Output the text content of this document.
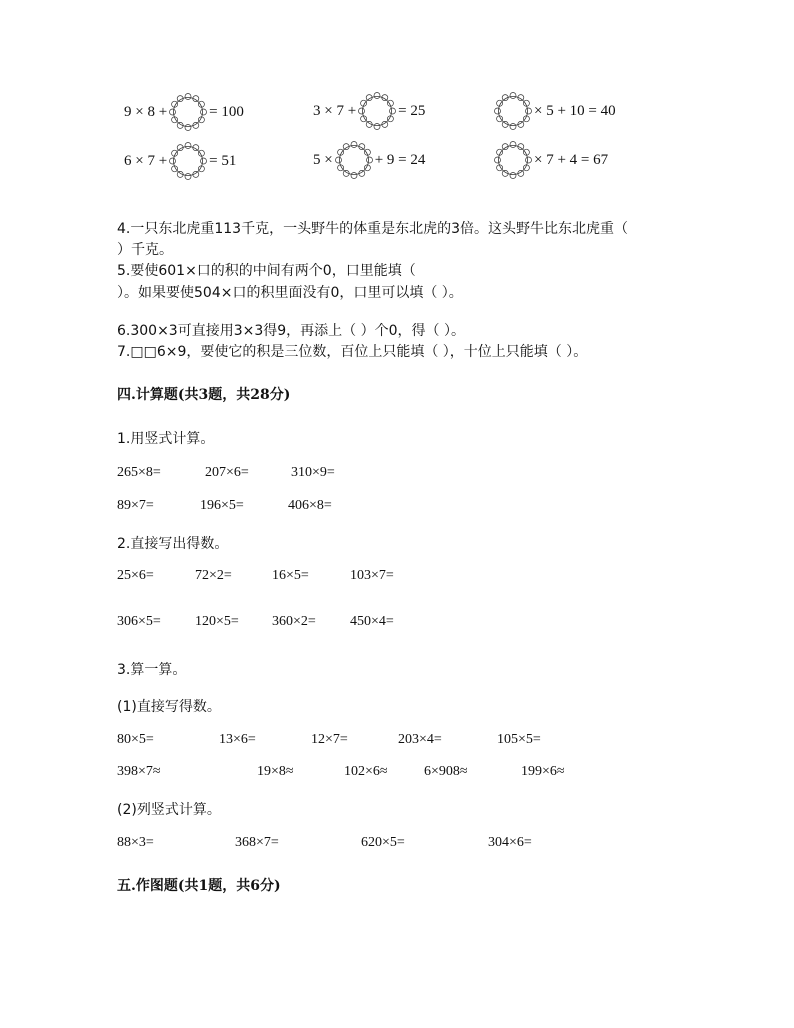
9 × 8 +	= 100	3 × 7 +	= 25	× 5 + 10 = 40
6 × 7 +	= 51	5 ×	+ 9 = 24	× 7 + 4 = 67
4.一只东北虎重113千克，一头野牛的体重是东北虎的3倍。这头野牛比东北虎重（
）千克。
5.要使601×口的积的中间有两个0，口里能填（
）。如果要使504×口的积里面没有0，口里可以填（ ）。
6.300×3可直接用3×3得9，再添上（ ）个0，得（ ）。
7.□□6×9，要使它的积是三位数，百位上只能填（ ），十位上只能填（ ）。
四.计算题(共3题，共28分)
1.用竖式计算。
265×8=	207×6=	310×9=
89×7=	196×5=	406×8=
2.直接写出得数。
25×6=	72×2=	16×5=	103×7=
306×5= 120×5= 360×2= 450×4=
3.算一算。
(1)直接写得数。
80×5=	13×6=	12×7=	203×4=	105×5=
398×7≈	19×8≈	102×6≈	6×908≈	199×6≈
(2)列竖式计算。
88×3=	368×7=	620×5=	304×6=
五.作图题(共1题，共6分)
